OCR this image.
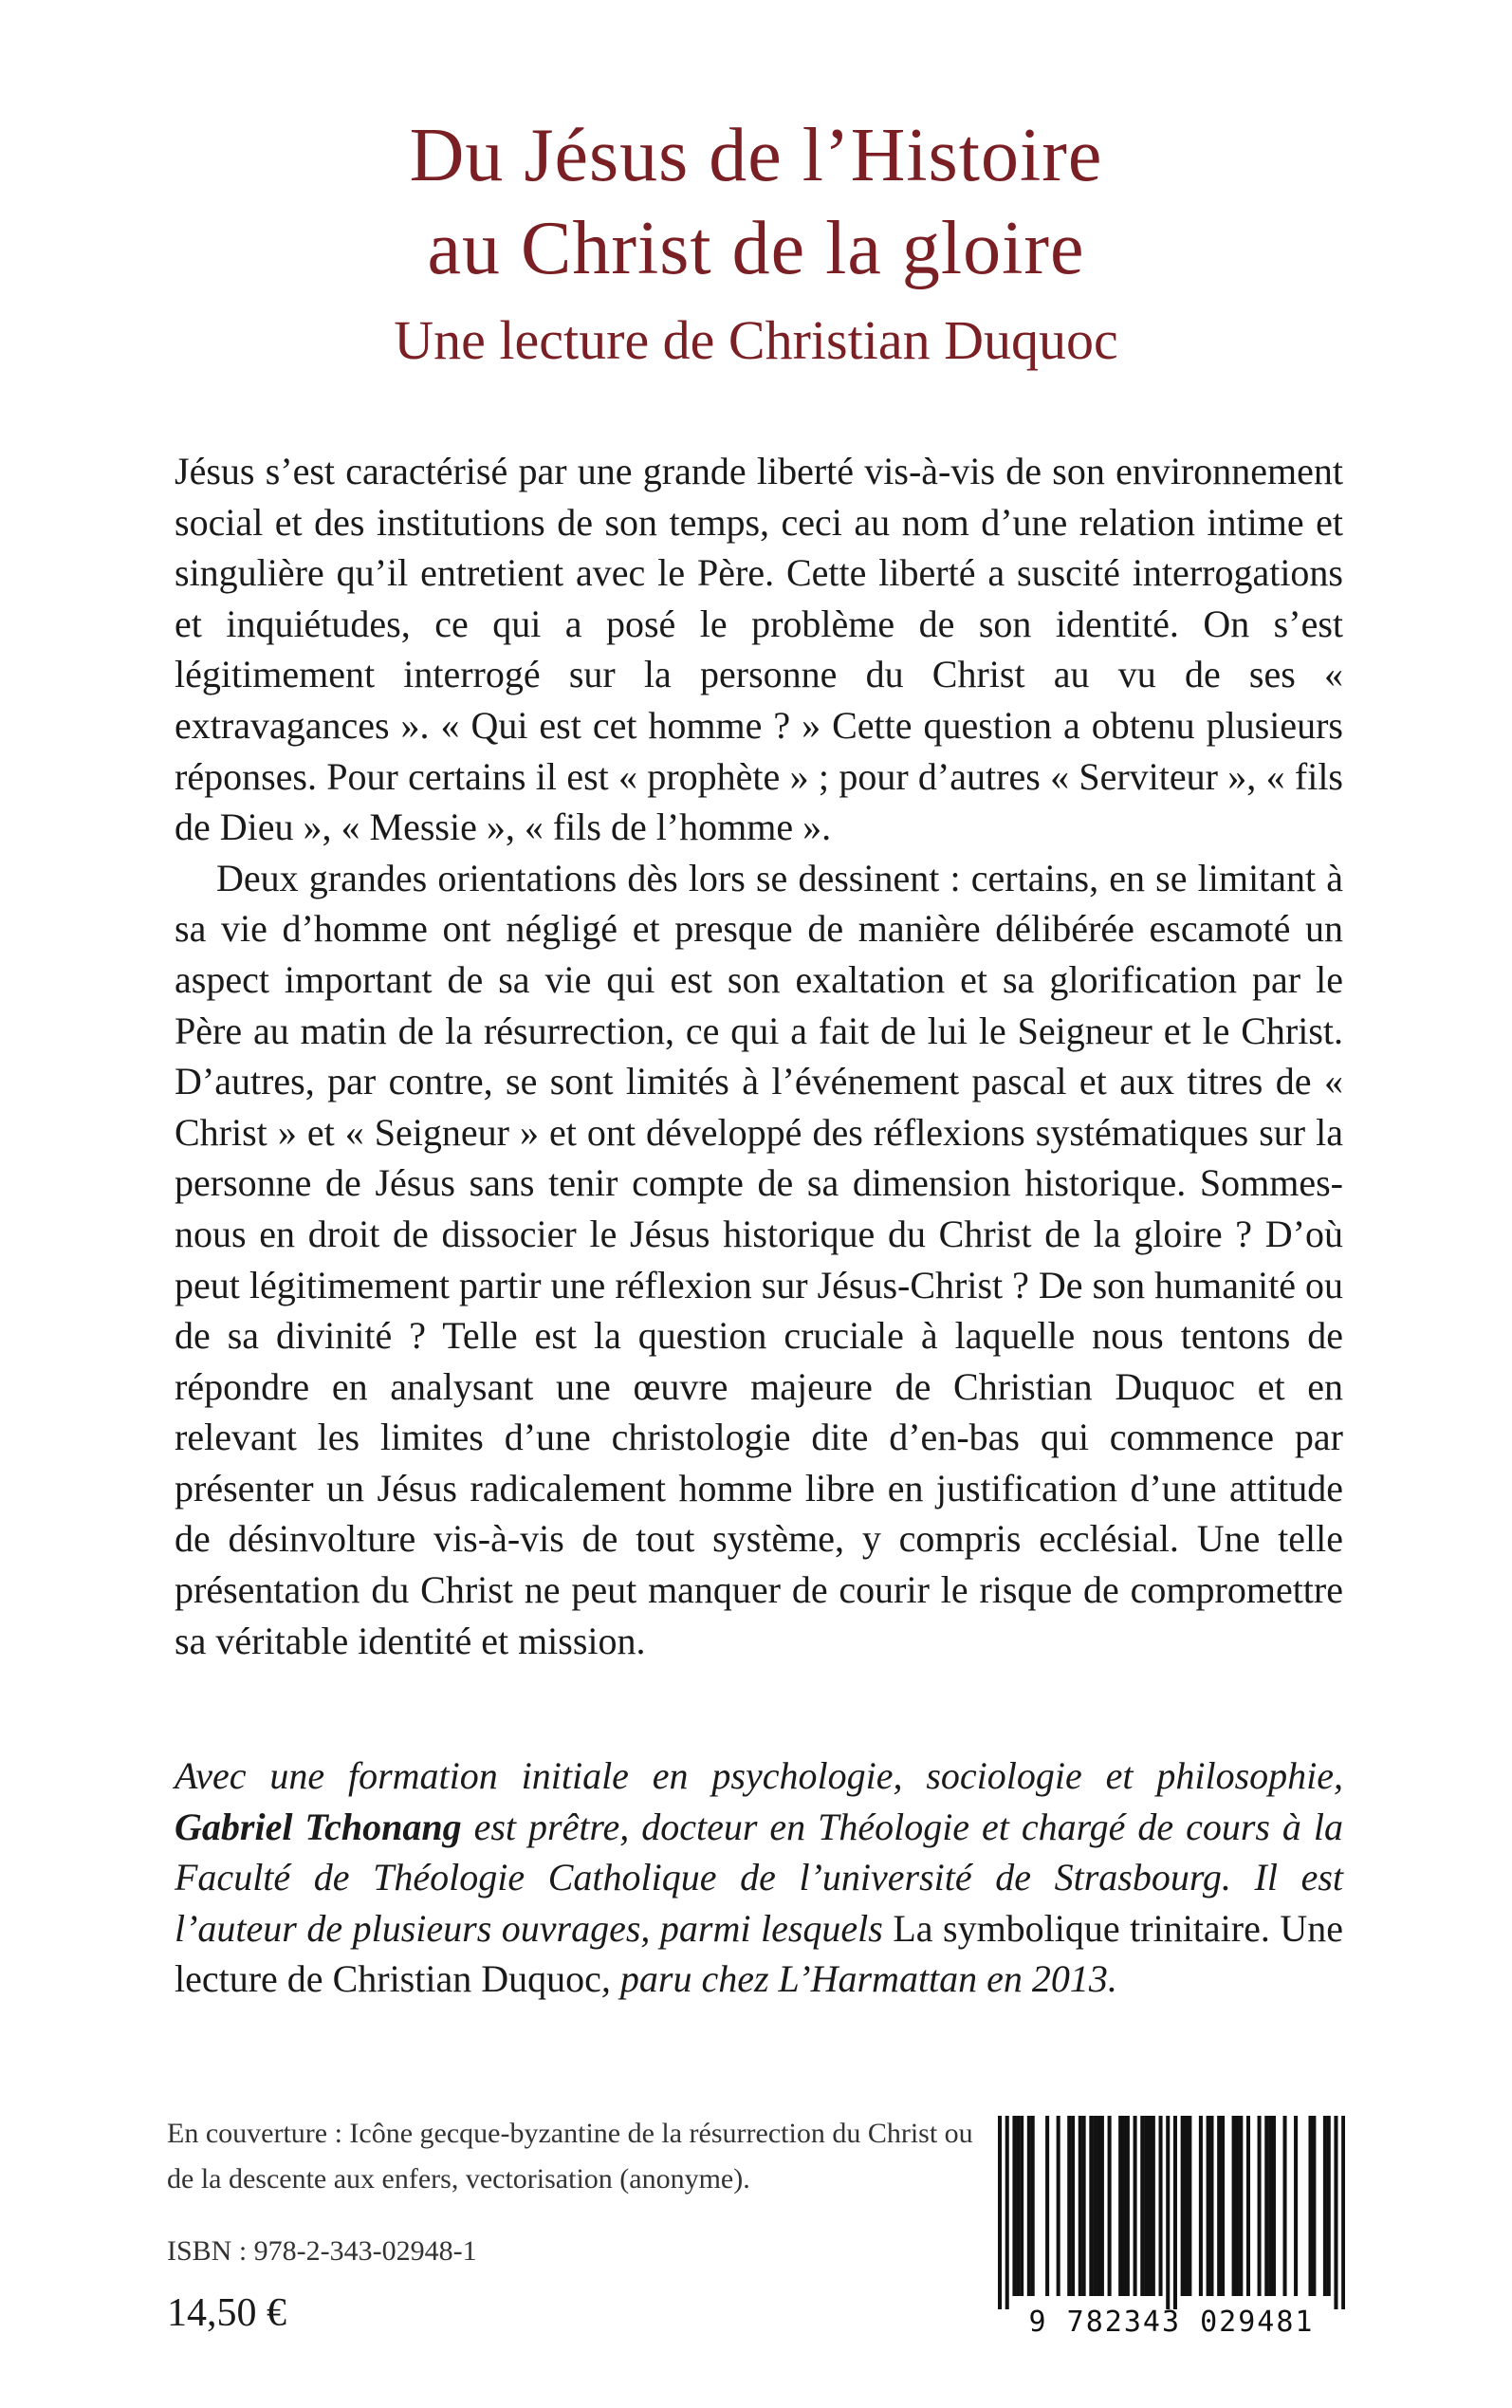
Du Jésus de l’Histoire
au Christ de la gloire
Une lecture de Christian Duquoc

Jésus s’est caractérisé par une grande liberté vis-à-vis de son environnement social et des institutions de son temps, ceci au nom d’une relation intime et singulière qu’il entretient avec le Père. Cette liberté a suscité interrogations et inquiétudes, ce qui a posé le problème de son identité. On s’est légitimement interrogé sur la personne du Christ au vu de ses « extravagances ». « Qui est cet homme ? » Cette question a obtenu plusieurs réponses. Pour certains il est « prophète » ; pour d’autres « Serviteur », « fils de Dieu », « Messie », « fils de l’homme ».

Deux grandes orientations dès lors se dessinent : certains, en se limitant à sa vie d’homme ont négligé et presque de manière délibérée escamoté un aspect important de sa vie qui est son exaltation et sa glorification par le Père au matin de la résurrection, ce qui a fait de lui le Seigneur et le Christ. D’autres, par contre, se sont limités à l’événement pascal et aux titres de « Christ » et « Seigneur » et ont développé des réflexions systématiques sur la personne de Jésus sans tenir compte de sa dimension historique. Sommes-nous en droit de dissocier le Jésus historique du Christ de la gloire ? D’où peut légitimement partir une réflexion sur Jésus-Christ ? De son humanité ou de sa divinité ? Telle est la question cruciale à laquelle nous tentons de répondre en analysant une œuvre majeure de Christian Duquoc et en relevant les limites d’une christologie dite d’en-bas qui commence par présenter un Jésus radicalement homme libre en justification d’une attitude de désinvolture vis-à-vis de tout système, y compris ecclésial. Une telle présentation du Christ ne peut manquer de courir le risque de compromettre sa véritable identité et mission.

Avec une formation initiale en psychologie, sociologie et philosophie, Gabriel Tchonang est prêtre, docteur en Théologie et chargé de cours à la Faculté de Théologie Catholique de l’université de Strasbourg. Il est l’auteur de plusieurs ouvrages, parmi lesquels La symbolique trinitaire. Une lecture de Christian Duquoc, paru chez L’Harmattan en 2013.
En couverture : Icône gecque-byzantine de la résurrection du Christ ou de la descente aux enfers, vectorisation (anonyme).
ISBN : 978-2-343-02948-1
14,50 €	9 782343 029481
